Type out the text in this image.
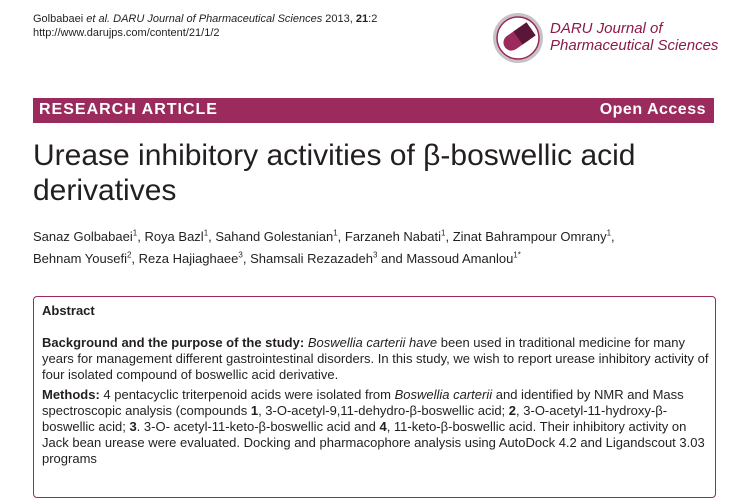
Golbabaei et al. DARU Journal of Pharmaceutical Sciences 2013, 21:2
http://www.darujps.com/content/21/1/2	DARU Journal of
Pharmaceutical Sciences
RESEARCH ARTICLE	Open Access
Urease inhibitory activities of β-boswellic acid derivatives
Sanaz Golbabaei$^1$, Roya Bazl$^1$, Sahand Golestanian$^1$, Farzaneh Nabati$^1$, Zinat Bahrampour Omrany$^1$,
Behnam Yousefi$^2$, Reza Hajiaghaee$^3$, Shamsali Rezazadeh$^3$ and Massoud Amanlou$^{1*}$
Abstract

Background and the purpose of the study: Boswellia carterii have been used in traditional medicine for many years for management different gastrointestinal disorders. In this study, we wish to report urease inhibitory activity of four isolated compound of boswellic acid derivative.

Methods: 4 pentacyclic triterpenoid acids were isolated from Boswellia carterii and identified by NMR and Mass spectroscopic analysis (compounds 1, 3-O-acetyl-9,11-dehydro-β-boswellic acid; 2, 3-O-acetyl-11-hydroxy-β-boswellic acid; 3. 3-O- acetyl-11-keto-β-boswellic acid and 4, 11-keto-β-boswellic acid. Their inhibitory activity on Jack bean urease were evaluated. Docking and pharmacophore analysis using AutoDock 4.2 and Ligandscout 3.03 programs
